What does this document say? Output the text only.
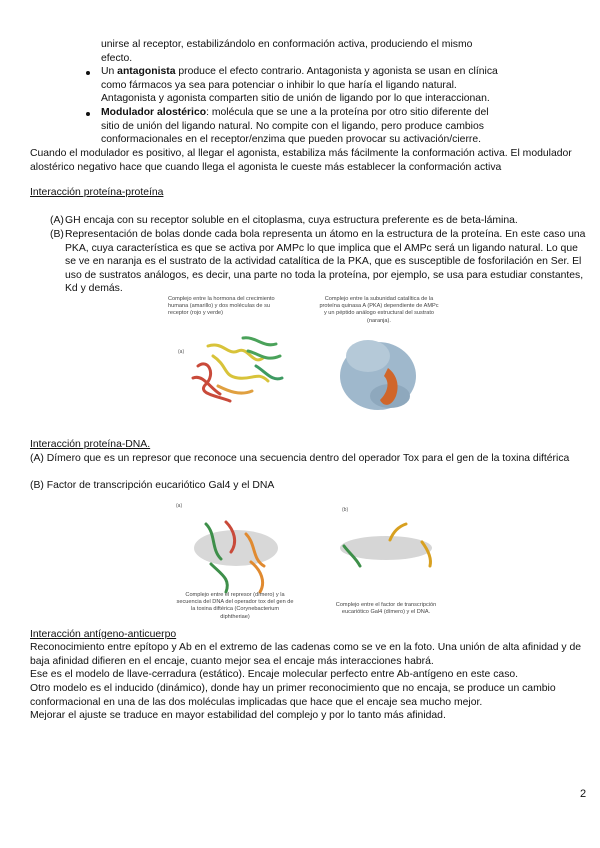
unirse al receptor, estabilizándolo en conformación activa, produciendo el mismo
efecto.

Un antagonista produce el efecto contrario. Antagonista y agonista se usan en clínica
como fármacos ya sea para potenciar o inhibir lo que haría el ligando natural.
Antagonista y agonista comparten sitio de unión de ligando por lo que interaccionan.

Modulador alostérico: molécula que se une a la proteína por otro sitio diferente del
sitio de unión del ligando natural. No compite con el ligando, pero produce cambios
conformacionales en el receptor/enzima que pueden provocar su activación/cierre.

Cuando el modulador es positivo, al llegar el agonista, estabiliza más fácilmente la conformación activa. El modulador alostérico negativo hace que cuando llega el agonista le cueste más establecer la conformación activa

Interacción proteína-proteína

(A) GH encaja con su receptor soluble en el citoplasma, cuya estructura preferente es de beta-lámina.

(B) Representación de bolas donde cada bola representa un átomo en la estructura de la proteína. En este caso una PKA, cuya característica es que se activa por AMPc lo que implica que el AMPc será un ligando natural. Lo que se ve en naranja es el sustrato de la actividad catalítica de la PKA, que es susceptible de fosforilación en Ser. El uso de sustratos análogos, es decir, una parte no toda la proteína, por ejemplo, se usa para estudiar constantes, Kd y demás.

Complejo entre la hormona del crecimiento humana (amarillo) y dos moléculas de su receptor (rojo y verde)

(a)

Complejo entre la subunidad catalítica de la proteína quinasa A (PKA) dependiente de AMPc y un péptido análogo estructural del sustrato (naranja).

Interacción proteína-DNA.

(A) Dímero que es un represor que reconoce una secuencia dentro del operador Tox para el gen de la toxina diftérica

(B) Factor de transcripción eucariótico Gal4 y el DNA

(a)

Complejo entre el represor (dímero) y la secuencia del DNA del operador tox del gen de la toxina diftérica (Corynebacterium diphtheriae)

(b)

Complejo entre el factor de transcripción eucariótico Gal4 (dímero) y el DNA.

Interacción antígeno-anticuerpo

Reconocimiento entre epítopo y Ab en el extremo de las cadenas como se ve en la foto. Una unión de alta afinidad y de baja afinidad difieren en el encaje, cuanto mejor sea el encaje más interacciones habrá.

Ese es el modelo de llave-cerradura (estático). Encaje molecular perfecto entre Ab-antígeno en este caso.

Otro modelo es el inducido (dinámico), donde hay un primer reconocimiento que no encaja, se produce un cambio conformacional en una de las dos moléculas implicadas que hace que el encaje sea mucho mejor.

Mejorar el ajuste se traduce en mayor estabilidad del complejo y por lo tanto más afinidad.

2
